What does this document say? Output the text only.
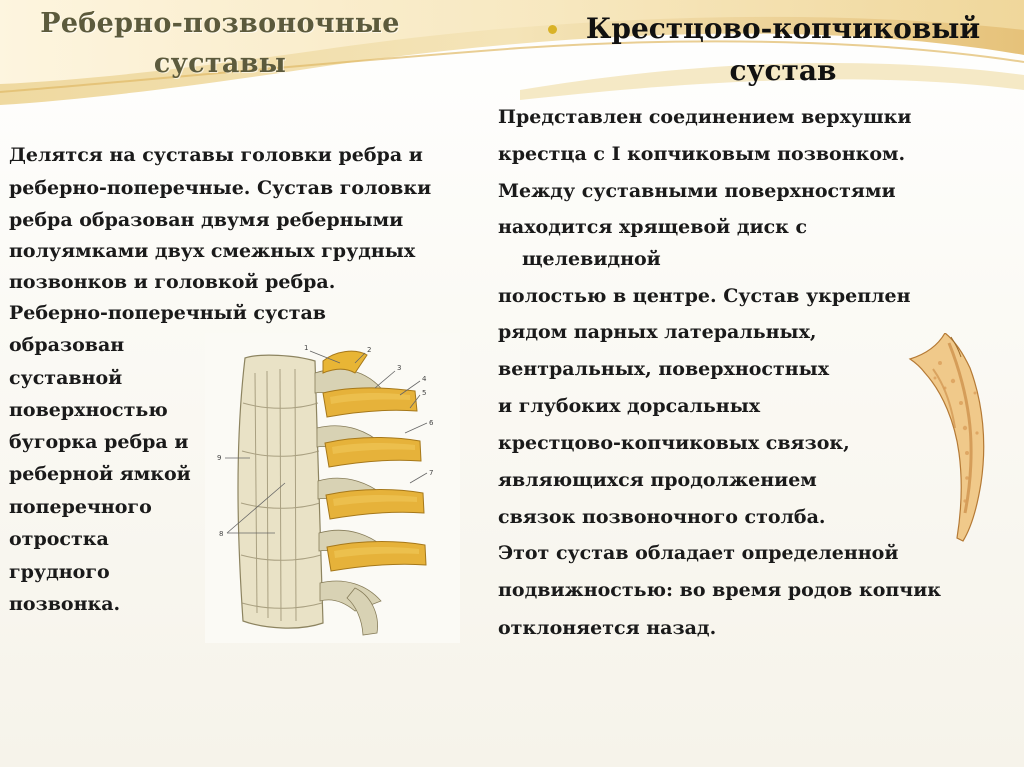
Реберно-позвоночные
суставы
Крестцово-копчиковый
сустав
Делятся на суставы головки ребра и
реберно-поперечные. Сустав головки
ребра образован двумя реберными
полуямками двух смежных грудных
позвонков и головкой ребра.
Реберно-поперечный сустав
образован
суставной
поверхностью
бугорка ребра и
реберной ямкой
поперечного
отростка
грудного
позвонка.
1	2
3
4
5
6
7
8
9
Представлен соединением верхушки
крестца с I копчиковым позвонком.
Между суставными поверхностями
находится хрящевой диск с
щелевидной
полостью в центре. Сустав укреплен
рядом парных латеральных,
вентральных, поверхностных
и глубоких дорсальных
крестцово-копчиковых связок,
являющихся продолжением
связок позвоночного столба.
Этот сустав обладает определенной
подвижностью: во время родов копчик
отклоняется назад.
